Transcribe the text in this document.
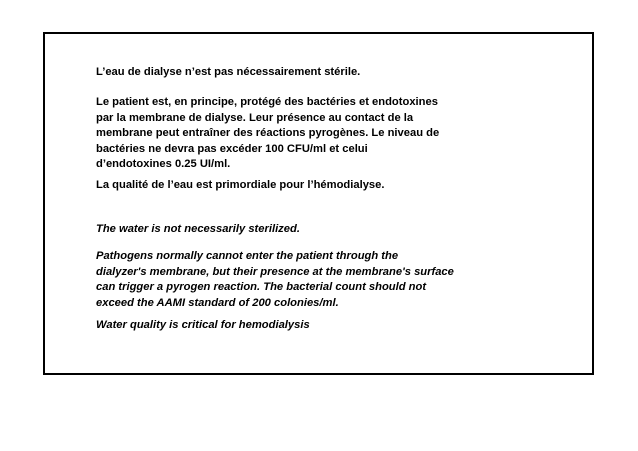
L’eau de dialyse n’est pas nécessairement stérile.

Le patient est, en principe, protégé des bactéries et endotoxines
par la membrane de dialyse. Leur présence au contact de la
membrane peut entraîner des réactions pyrogènes. Le niveau de
bactéries ne devra pas excéder 100 CFU/ml et celui
d’endotoxines 0.25 UI/ml.

La qualité de l’eau est primordiale pour l’hémodialyse.

The water is not necessarily sterilized.

Pathogens normally cannot enter the patient through the
dialyzer's membrane, but their presence at the membrane's surface
can trigger a pyrogen reaction. The bacterial count should not
exceed the AAMI standard of 200 colonies/ml.

Water quality is critical for hemodialysis
